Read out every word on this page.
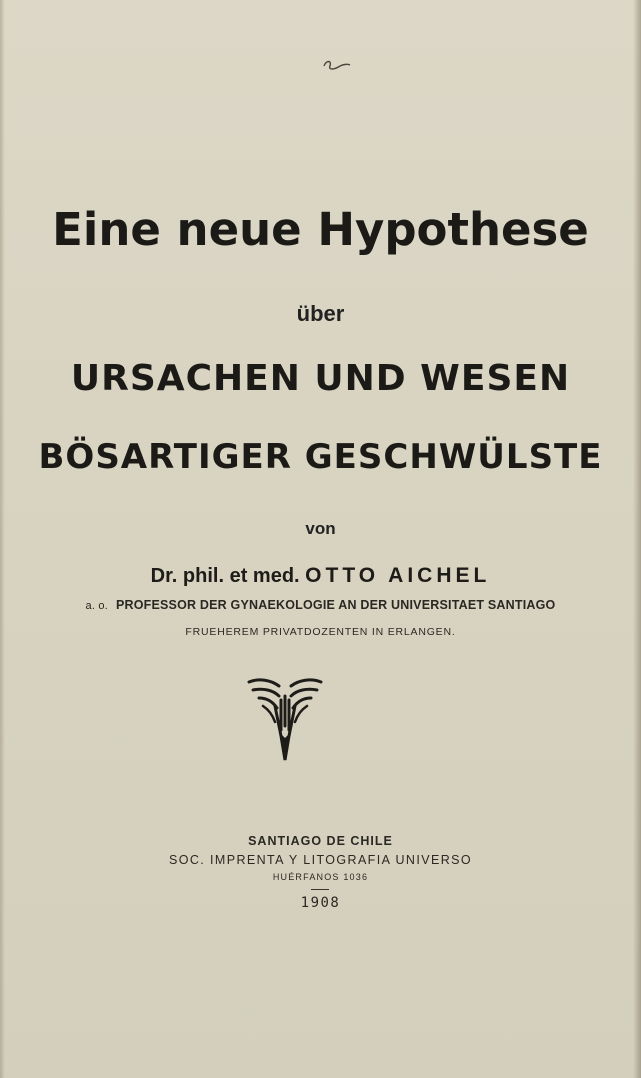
Eine neue Hypothese
über
URSACHEN UND WESEN
BÖSARTIGER GESCHWÜLSTE
von
Dr. phil. et med. OTTO AICHEL
a. o. PROFESSOR DER GYNAEKOLOGIE AN DER UNIVERSITAET SANTIAGO
FRUEHEREM PRIVATDOZENTEN IN ERLANGEN.
SANTIAGO DE CHILE
SOC. IMPRENTA Y LITOGRAFIA UNIVERSO
HUÉRFANOS 1036
1908
